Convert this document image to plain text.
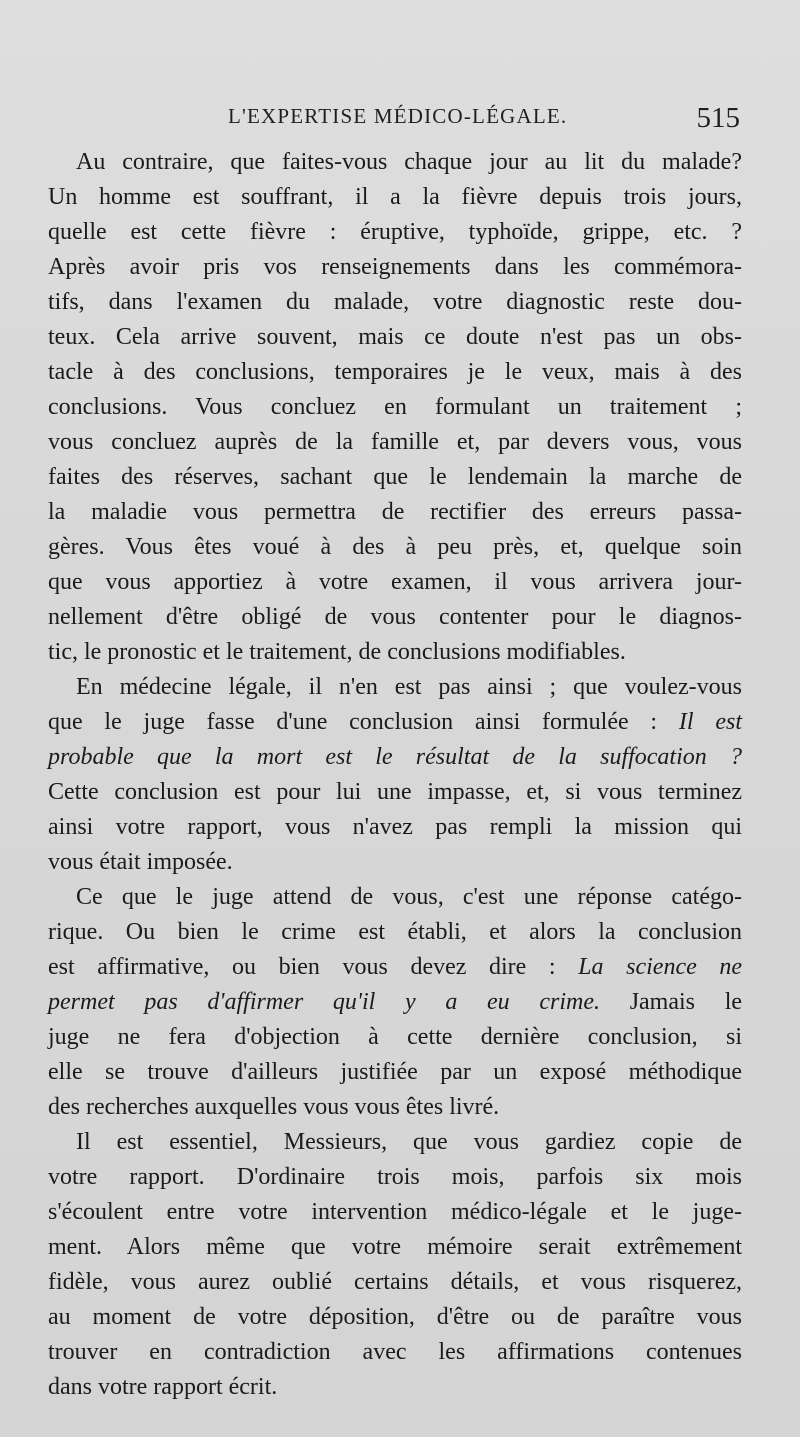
L'EXPERTISE MÉDICO-LÉGALE.	515
Au contraire, que faites-vous chaque jour au lit du malade?
Un homme est souffrant, il a la fièvre depuis trois jours,
quelle est cette fièvre : éruptive, typhoïde, grippe, etc. ?
Après avoir pris vos renseignements dans les commémora-
tifs, dans l'examen du malade, votre diagnostic reste dou-
teux. Cela arrive souvent, mais ce doute n'est pas un obs-
tacle à des conclusions, temporaires je le veux, mais à des
conclusions. Vous concluez en formulant un traitement ;
vous concluez auprès de la famille et, par devers vous, vous
faites des réserves, sachant que le lendemain la marche de
la maladie vous permettra de rectifier des erreurs passa-
gères. Vous êtes voué à des à peu près, et, quelque soin
que vous apportiez à votre examen, il vous arrivera jour-
nellement d'être obligé de vous contenter pour le diagnos-
tic, le pronostic et le traitement, de conclusions modifiables.
En médecine légale, il n'en est pas ainsi ; que voulez-vous
que le juge fasse d'une conclusion ainsi formulée : Il est
probable que la mort est le résultat de la suffocation ?
Cette conclusion est pour lui une impasse, et, si vous terminez
ainsi votre rapport, vous n'avez pas rempli la mission qui
vous était imposée.
Ce que le juge attend de vous, c'est une réponse catégo-
rique. Ou bien le crime est établi, et alors la conclusion
est affirmative, ou bien vous devez dire : La science ne
permet pas d'affirmer qu'il y a eu crime. Jamais le
juge ne fera d'objection à cette dernière conclusion, si
elle se trouve d'ailleurs justifiée par un exposé méthodique
des recherches auxquelles vous vous êtes livré.
Il est essentiel, Messieurs, que vous gardiez copie de
votre rapport. D'ordinaire trois mois, parfois six mois
s'écoulent entre votre intervention médico-légale et le juge-
ment. Alors même que votre mémoire serait extrêmement
fidèle, vous aurez oublié certains détails, et vous risquerez,
au moment de votre déposition, d'être ou de paraître vous
trouver en contradiction avec les affirmations contenues
dans votre rapport écrit.
